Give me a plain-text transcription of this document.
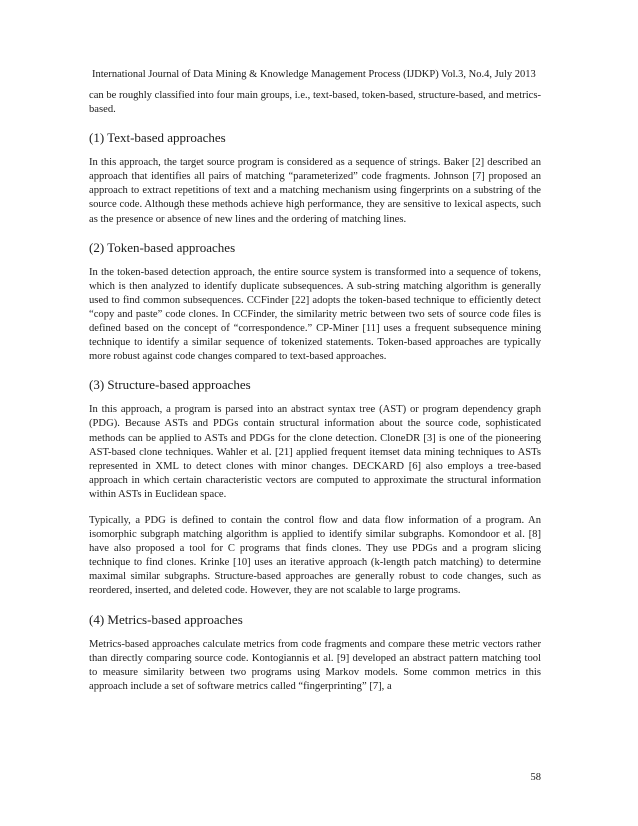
International Journal of Data Mining & Knowledge Management Process (IJDKP) Vol.3, No.4, July 2013

can be roughly classified into four main groups, i.e., text-based, token-based, structure-based, and metrics-based.

(1) Text-based approaches

In this approach, the target source program is considered as a sequence of strings. Baker [2] described an approach that identifies all pairs of matching “parameterized” code fragments. Johnson [7] proposed an approach to extract repetitions of text and a matching mechanism using fingerprints on a substring of the source code. Although these methods achieve high performance, they are sensitive to lexical aspects, such as the presence or absence of new lines and the ordering of matching lines.

(2) Token-based approaches

In the token-based detection approach, the entire source system is transformed into a sequence of tokens, which is then analyzed to identify duplicate subsequences. A sub-string matching algorithm is generally used to find common subsequences. CCFinder [22] adopts the token-based technique to efficiently detect “copy and paste” code clones. In CCFinder, the similarity metric between two sets of source code files is defined based on the concept of “correspondence.” CP-Miner [11] uses a frequent subsequence mining technique to identify a similar sequence of tokenized statements. Token-based approaches are typically more robust against code changes compared to text-based approaches.

(3) Structure-based approaches

In this approach, a program is parsed into an abstract syntax tree (AST) or program dependency graph (PDG). Because ASTs and PDGs contain structural information about the source code, sophisticated methods can be applied to ASTs and PDGs for the clone detection. CloneDR [3] is one of the pioneering AST-based clone techniques. Wahler et al. [21] applied frequent itemset data mining techniques to ASTs represented in XML to detect clones with minor changes. DECKARD [6] also employs a tree-based approach in which certain characteristic vectors are computed to approximate the structural information within ASTs in Euclidean space.

Typically, a PDG is defined to contain the control flow and data flow information of a program. An isomorphic subgraph matching algorithm is applied to identify similar subgraphs. Komondoor et al. [8] have also proposed a tool for C programs that finds clones. They use PDGs and a program slicing technique to find clones. Krinke [10] uses an iterative approach (k-length patch matching) to determine maximal similar subgraphs. Structure-based approaches are generally robust to code changes, such as reordered, inserted, and deleted code. However, they are not scalable to large programs.

(4) Metrics-based approaches

Metrics-based approaches calculate metrics from code fragments and compare these metric vectors rather than directly comparing source code. Kontogiannis et al. [9] developed an abstract pattern matching tool to measure similarity between two programs using Markov models. Some common metrics in this approach include a set of software metrics called “fingerprinting” [7], a

58
